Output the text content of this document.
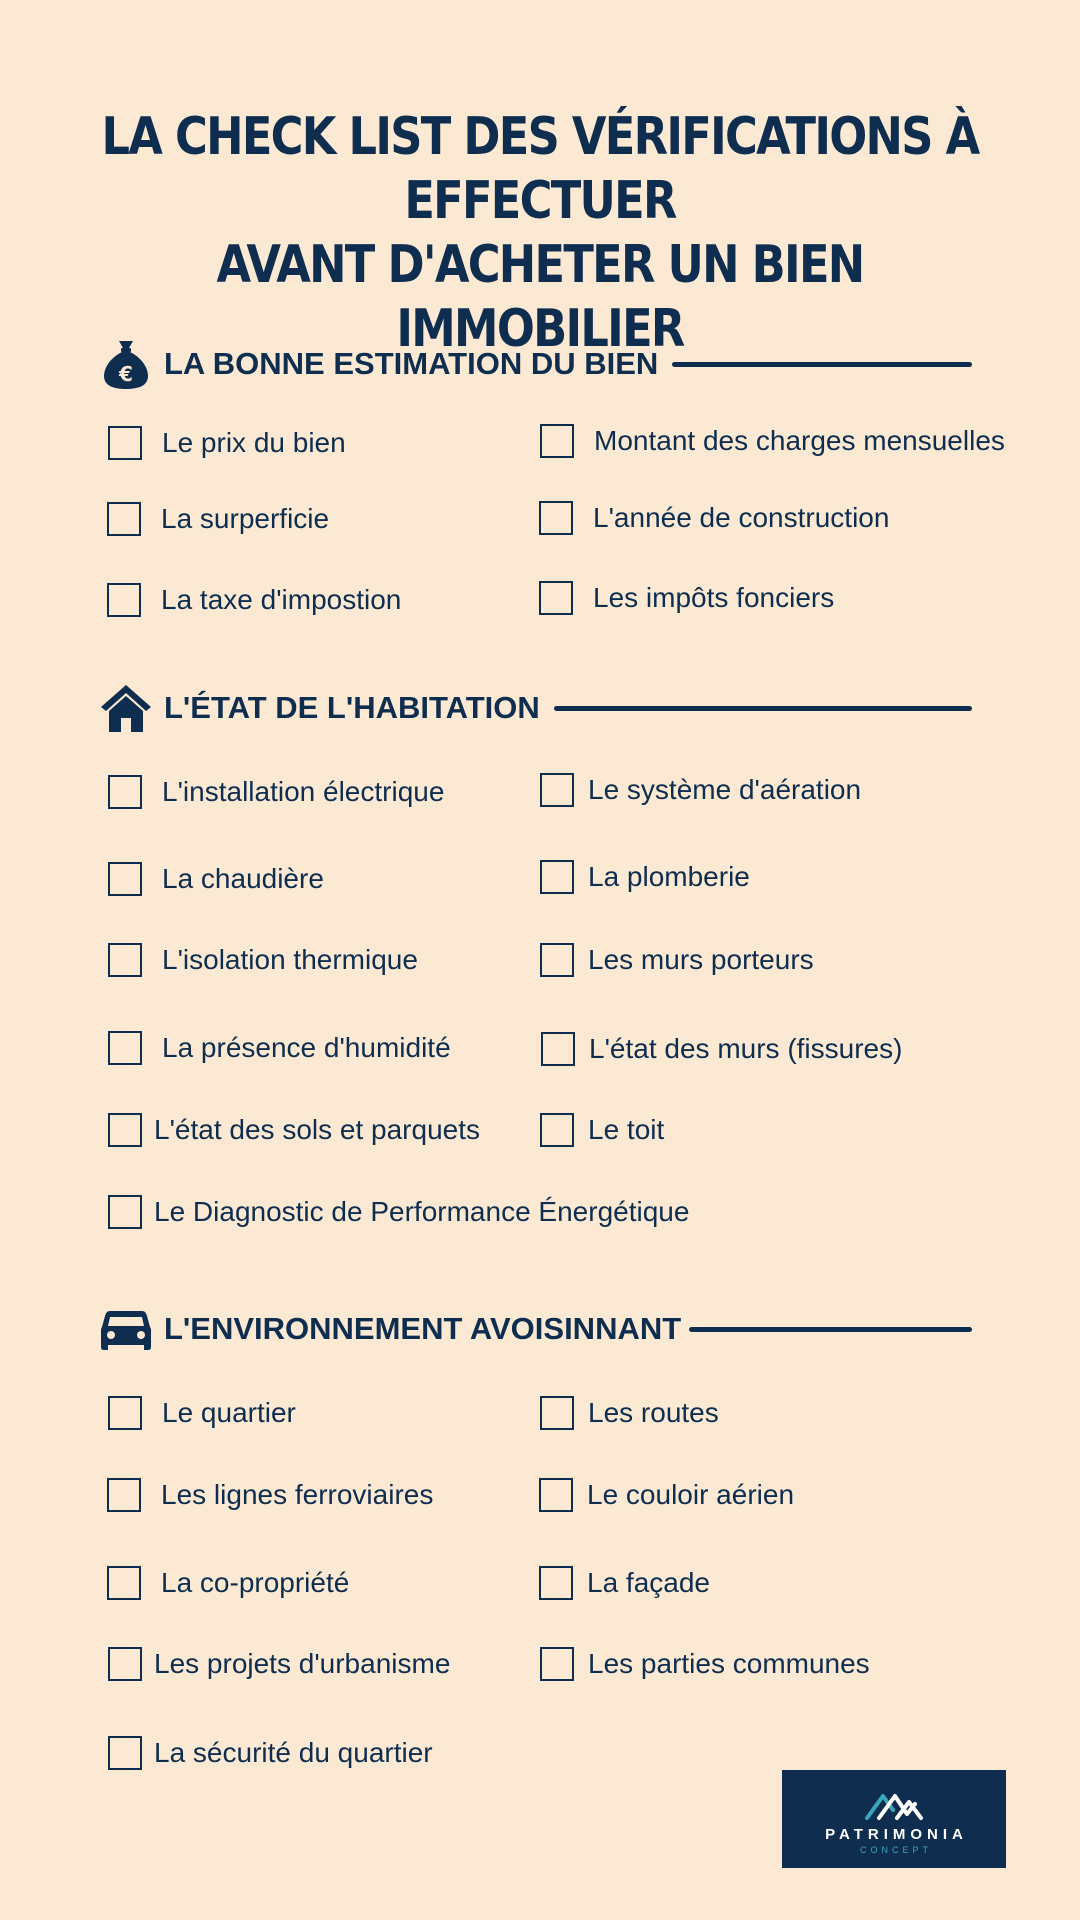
LA CHECK LIST DES VÉRIFICATIONS À EFFECTUER
AVANT D'ACHETER UN BIEN IMMOBILIER
€ LA BONNE ESTIMATION DU BIEN
Le prix du bien	Montant des charges mensuelles
La surperficie	L'année de construction
La taxe d'impostion	Les impôts fonciers
L'ÉTAT DE L'HABITATION
L'installation électrique	Le système d'aération
La chaudière	La plomberie
L'isolation thermique	Les murs porteurs
La présence d'humidité	L'état des murs (fissures)
L'état des sols et parquets	Le toit
Le Diagnostic de Performance Énergétique
L'ENVIRONNEMENT AVOISINNANT
Le quartier	Les routes
Les lignes ferroviaires	Le couloir aérien
La co-propriété	La façade
Les projets d'urbanisme	Les parties communes
La sécurité du quartier
PATRIMONIA
CONCEPT
